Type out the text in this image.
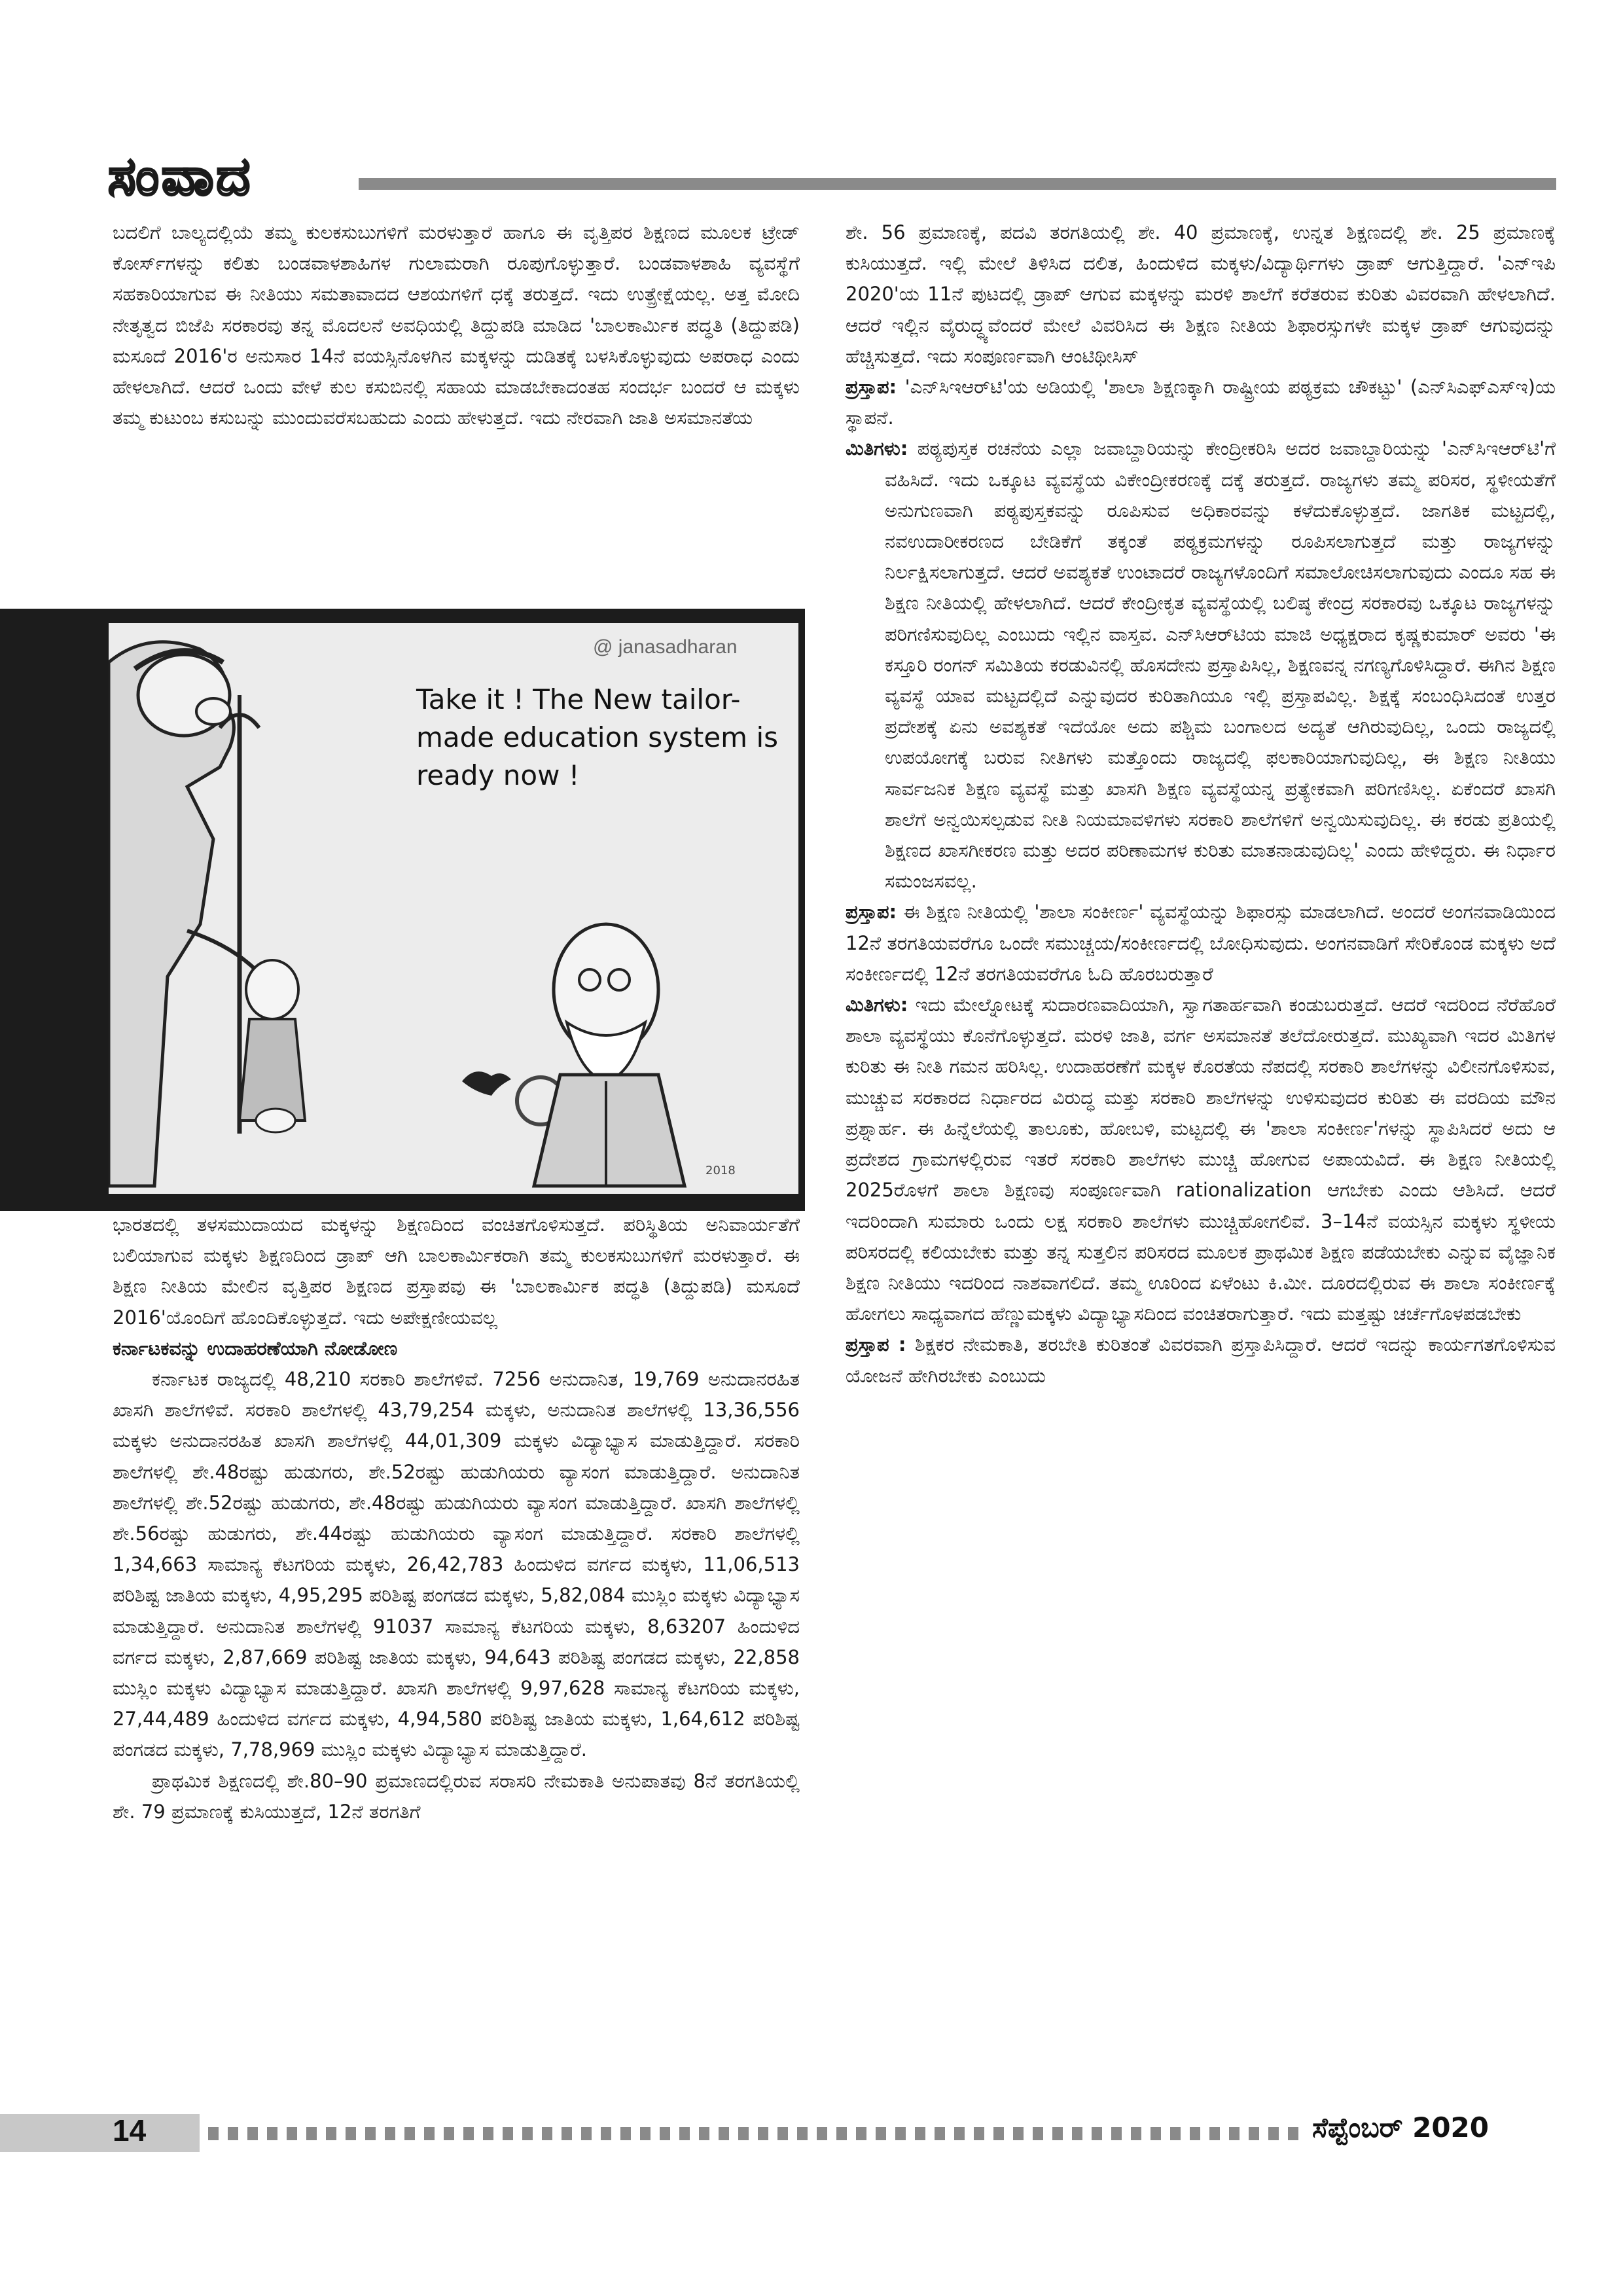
ಸಂವಾದ

ಬದಲಿಗೆ ಬಾಲ್ಯದಲ್ಲಿಯೆ ತಮ್ಮ ಕುಲಕಸುಬುಗಳಿಗೆ ಮರಳುತ್ತಾರೆ ಹಾಗೂ ಈ ವೃತ್ತಿಪರ ಶಿಕ್ಷಣದ ಮೂಲಕ ಟ್ರೇಡ್ ಕೋರ್ಸ್‌ಗಳನ್ನು ಕಲಿತು ಬಂಡವಾಳಶಾಹಿಗಳ ಗುಲಾಮರಾಗಿ ರೂಪುಗೊಳ್ಳುತ್ತಾರೆ. ಬಂಡವಾಳಶಾಹಿ ವ್ಯವಸ್ಥೆಗೆ ಸಹಕಾರಿಯಾಗುವ ಈ ನೀತಿಯು ಸಮತಾವಾದದ ಆಶಯಗಳಿಗೆ ಧಕ್ಕೆ ತರುತ್ತದೆ. ಇದು ಉತ್ಪ್ರೇಕ್ಷೆಯಲ್ಲ. ಅತ್ತ ಮೋದಿ ನೇತೃತ್ವದ ಬಿಜೆಪಿ ಸರಕಾರವು ತನ್ನ ಮೊದಲನೆ ಅವಧಿಯಲ್ಲಿ ತಿದ್ದುಪಡಿ ಮಾಡಿದ 'ಬಾಲಕಾರ್ಮಿಕ ಪದ್ಧತಿ (ತಿದ್ದುಪಡಿ) ಮಸೂದೆ 2016'ರ ಅನುಸಾರ 14ನೆ ವಯಸ್ಸಿನೊಳಗಿನ ಮಕ್ಕಳನ್ನು ದುಡಿತಕ್ಕೆ ಬಳಸಿಕೊಳ್ಳುವುದು ಅಪರಾಧ ಎಂದು ಹೇಳಲಾಗಿದೆ. ಆದರೆ ಒಂದು ವೇಳೆ ಕುಲ ಕಸುಬಿನಲ್ಲಿ ಸಹಾಯ ಮಾಡಬೇಕಾದಂತಹ ಸಂದರ್ಭ ಬಂದರೆ ಆ ಮಕ್ಕಳು ತಮ್ಮ ಕುಟುಂಬ ಕಸುಬನ್ನು ಮುಂದುವರೆಸಬಹುದು ಎಂದು ಹೇಳುತ್ತದೆ. ಇದು ನೇರವಾಗಿ ಜಾತಿ ಅಸಮಾನತೆಯ

@ janasadharan
Take it ! The New tailor-made education system is ready now !
2018

ಭಾರತದಲ್ಲಿ ತಳಸಮುದಾಯದ ಮಕ್ಕಳನ್ನು ಶಿಕ್ಷಣದಿಂದ ವಂಚಿತಗೊಳಿಸುತ್ತದೆ. ಪರಿಸ್ಥಿತಿಯ ಅನಿವಾರ್ಯತೆಗೆ ಬಲಿಯಾಗುವ ಮಕ್ಕಳು ಶಿಕ್ಷಣದಿಂದ ಡ್ರಾಪ್ ಆಗಿ ಬಾಲಕಾರ್ಮಿಕರಾಗಿ ತಮ್ಮ ಕುಲಕಸುಬುಗಳಿಗೆ ಮರಳುತ್ತಾರೆ. ಈ ಶಿಕ್ಷಣ ನೀತಿಯ ಮೇಲಿನ ವೃತ್ತಿಪರ ಶಿಕ್ಷಣದ ಪ್ರಸ್ತಾಪವು ಈ 'ಬಾಲಕಾರ್ಮಿಕ ಪದ್ಧತಿ (ತಿದ್ದುಪಡಿ) ಮಸೂದೆ 2016'ಯೊಂದಿಗೆ ಹೊಂದಿಕೊಳ್ಳುತ್ತದೆ. ಇದು ಅಪೇಕ್ಷಣೀಯವಲ್ಲ

ಕರ್ನಾಟಕವನ್ನು ಉದಾಹರಣೆಯಾಗಿ ನೋಡೋಣ

ಕರ್ನಾಟಕ ರಾಜ್ಯದಲ್ಲಿ 48,210 ಸರಕಾರಿ ಶಾಲೆಗಳಿವೆ. 7256 ಅನುದಾನಿತ, 19,769 ಅನುದಾನರಹಿತ ಖಾಸಗಿ ಶಾಲೆಗಳಿವೆ. ಸರಕಾರಿ ಶಾಲೆಗಳಲ್ಲಿ 43,79,254 ಮಕ್ಕಳು, ಅನುದಾನಿತ ಶಾಲೆಗಳಲ್ಲಿ 13,36,556 ಮಕ್ಕಳು ಅನುದಾನರಹಿತ ಖಾಸಗಿ ಶಾಲೆಗಳಲ್ಲಿ 44,01,309 ಮಕ್ಕಳು ವಿದ್ಯಾಭ್ಯಾಸ ಮಾಡುತ್ತಿದ್ದಾರೆ. ಸರಕಾರಿ ಶಾಲೆಗಳಲ್ಲಿ ಶೇ.48ರಷ್ಟು ಹುಡುಗರು, ಶೇ.52ರಷ್ಟು ಹುಡುಗಿಯರು ವ್ಯಾಸಂಗ ಮಾಡುತ್ತಿದ್ದಾರೆ. ಅನುದಾನಿತ ಶಾಲೆಗಳಲ್ಲಿ ಶೇ.52ರಷ್ಟು ಹುಡುಗರು, ಶೇ.48ರಷ್ಟು ಹುಡುಗಿಯರು ವ್ಯಾಸಂಗ ಮಾಡುತ್ತಿದ್ದಾರೆ. ಖಾಸಗಿ ಶಾಲೆಗಳಲ್ಲಿ ಶೇ.56ರಷ್ಟು ಹುಡುಗರು, ಶೇ.44ರಷ್ಟು ಹುಡುಗಿಯರು ವ್ಯಾಸಂಗ ಮಾಡುತ್ತಿದ್ದಾರೆ. ಸರಕಾರಿ ಶಾಲೆಗಳಲ್ಲಿ 1,34,663 ಸಾಮಾನ್ಯ ಕೆಟಗರಿಯ ಮಕ್ಕಳು, 26,42,783 ಹಿಂದುಳಿದ ವರ್ಗದ ಮಕ್ಕಳು, 11,06,513 ಪರಿಶಿಷ್ಟ ಜಾತಿಯ ಮಕ್ಕಳು, 4,95,295 ಪರಿಶಿಷ್ಟ ಪಂಗಡದ ಮಕ್ಕಳು, 5,82,084 ಮುಸ್ಲಿಂ ಮಕ್ಕಳು ವಿದ್ಯಾಭ್ಯಾಸ ಮಾಡುತ್ತಿದ್ದಾರೆ. ಅನುದಾನಿತ ಶಾಲೆಗಳಲ್ಲಿ 91037 ಸಾಮಾನ್ಯ ಕೆಟಗರಿಯ ಮಕ್ಕಳು, 8,63207 ಹಿಂದುಳಿದ ವರ್ಗದ ಮಕ್ಕಳು, 2,87,669 ಪರಿಶಿಷ್ಟ ಜಾತಿಯ ಮಕ್ಕಳು, 94,643 ಪರಿಶಿಷ್ಟ ಪಂಗಡದ ಮಕ್ಕಳು, 22,858 ಮುಸ್ಲಿಂ ಮಕ್ಕಳು ವಿದ್ಯಾಭ್ಯಾಸ ಮಾಡುತ್ತಿದ್ದಾರೆ. ಖಾಸಗಿ ಶಾಲೆಗಳಲ್ಲಿ 9,97,628 ಸಾಮಾನ್ಯ ಕೆಟಗರಿಯ ಮಕ್ಕಳು, 27,44,489 ಹಿಂದುಳಿದ ವರ್ಗದ ಮಕ್ಕಳು, 4,94,580 ಪರಿಶಿಷ್ಟ ಜಾತಿಯ ಮಕ್ಕಳು, 1,64,612 ಪರಿಶಿಷ್ಟ ಪಂಗಡದ ಮಕ್ಕಳು, 7,78,969 ಮುಸ್ಲಿಂ ಮಕ್ಕಳು ವಿದ್ಯಾಭ್ಯಾಸ ಮಾಡುತ್ತಿದ್ದಾರೆ.

ಪ್ರಾಥಮಿಕ ಶಿಕ್ಷಣದಲ್ಲಿ ಶೇ.80–90 ಪ್ರಮಾಣದಲ್ಲಿರುವ ಸರಾಸರಿ ನೇಮಕಾತಿ ಅನುಪಾತವು 8ನೆ ತರಗತಿಯಲ್ಲಿ ಶೇ. 79 ಪ್ರಮಾಣಕ್ಕೆ ಕುಸಿಯುತ್ತದೆ, 12ನೆ ತರಗತಿಗೆ

ಶೇ. 56 ಪ್ರಮಾಣಕ್ಕೆ, ಪದವಿ ತರಗತಿಯಲ್ಲಿ ಶೇ. 40 ಪ್ರಮಾಣಕ್ಕೆ, ಉನ್ನತ ಶಿಕ್ಷಣದಲ್ಲಿ ಶೇ. 25 ಪ್ರಮಾಣಕ್ಕೆ ಕುಸಿಯುತ್ತದೆ. ಇಲ್ಲಿ ಮೇಲೆ ತಿಳಿಸಿದ ದಲಿತ, ಹಿಂದುಳಿದ ಮಕ್ಕಳು/ವಿದ್ಯಾರ್ಥಿಗಳು ಡ್ರಾಪ್ ಆಗುತ್ತಿದ್ದಾರೆ. 'ಎನ್‌ಇಪಿ 2020'ಯ 11ನೆ ಪುಟದಲ್ಲಿ ಡ್ರಾಪ್ ಆಗುವ ಮಕ್ಕಳನ್ನು ಮರಳಿ ಶಾಲೆಗೆ ಕರೆತರುವ ಕುರಿತು ವಿವರವಾಗಿ ಹೇಳಲಾಗಿದೆ. ಆದರೆ ಇಲ್ಲಿನ ವೈರುದ್ಧ್ಯವೆಂದರೆ ಮೇಲೆ ವಿವರಿಸಿದ ಈ ಶಿಕ್ಷಣ ನೀತಿಯ ಶಿಫಾರಸ್ಸುಗಳೇ ಮಕ್ಕಳ ಡ್ರಾಪ್ ಆಗುವುದನ್ನು ಹೆಚ್ಚಿಸುತ್ತದೆ. ಇದು ಸಂಪೂರ್ಣವಾಗಿ ಆಂಟಿಥೀಸಿಸ್

ಪ್ರಸ್ತಾಪ: 'ಎನ್‌ಸಿಇಆರ್‌ಟಿ'ಯ ಅಡಿಯಲ್ಲಿ 'ಶಾಲಾ ಶಿಕ್ಷಣಕ್ಕಾಗಿ ರಾಷ್ಟ್ರೀಯ ಪಠ್ಯಕ್ರಮ ಚೌಕಟ್ಟು' (ಎನ್‌ಸಿಎಫ್‌ಎಸ್‌ಇ)ಯ ಸ್ಥಾಪನೆ.

ಮಿತಿಗಳು: ಪಠ್ಯಪುಸ್ತಕ ರಚನೆಯ ಎಲ್ಲಾ ಜವಾಬ್ದಾರಿಯನ್ನು ಕೇಂದ್ರೀಕರಿಸಿ ಅದರ ಜವಾಬ್ದಾರಿಯನ್ನು 'ಎನ್‌ಸಿಇಆರ್‌ಟಿ'ಗೆ ವಹಿಸಿದೆ. ಇದು ಒಕ್ಕೂಟ ವ್ಯವಸ್ಥೆಯ ವಿಕೇಂದ್ರೀಕರಣಕ್ಕೆ ದಕ್ಕೆ ತರುತ್ತದೆ. ರಾಜ್ಯಗಳು ತಮ್ಮ ಪರಿಸರ, ಸ್ಥಳೀಯತೆಗೆ ಅನುಗುಣವಾಗಿ ಪಠ್ಯಪುಸ್ತಕವನ್ನು ರೂಪಿಸುವ ಅಧಿಕಾರವನ್ನು ಕಳೆದುಕೊಳ್ಳುತ್ತದೆ. ಜಾಗತಿಕ ಮಟ್ಟದಲ್ಲಿ, ನವಉದಾರೀಕರಣದ ಬೇಡಿಕೆಗೆ ತಕ್ಕಂತೆ ಪಠ್ಯಕ್ರಮಗಳನ್ನು ರೂಪಿಸಲಾಗುತ್ತದೆ ಮತ್ತು ರಾಜ್ಯಗಳನ್ನು ನಿರ್ಲಕ್ಷಿಸಲಾಗುತ್ತದೆ. ಆದರೆ ಅವಶ್ಯಕತೆ ಉಂಟಾದರೆ ರಾಜ್ಯಗಳೊಂದಿಗೆ ಸಮಾಲೋಚಿಸಲಾಗುವುದು ಎಂದೂ ಸಹ ಈ ಶಿಕ್ಷಣ ನೀತಿಯಲ್ಲಿ ಹೇಳಲಾಗಿದೆ. ಆದರೆ ಕೇಂದ್ರೀಕೃತ ವ್ಯವಸ್ಥೆಯಲ್ಲಿ ಬಲಿಷ್ಠ ಕೇಂದ್ರ ಸರಕಾರವು ಒಕ್ಕೂಟ ರಾಜ್ಯಗಳನ್ನು ಪರಿಗಣಿಸುವುದಿಲ್ಲ ಎಂಬುದು ಇಲ್ಲಿನ ವಾಸ್ತವ. ಎನ್‌ಸಿಆರ್‌ಟಿಯ ಮಾಜಿ ಅಧ್ಯಕ್ಷರಾದ ಕೃಷ್ಣಕುಮಾರ್ ಅವರು 'ಈ ಕಸ್ತೂರಿ ರಂಗನ್ ಸಮಿತಿಯ ಕರಡುವಿನಲ್ಲಿ ಹೊಸದೇನು ಪ್ರಸ್ತಾಪಿಸಿಲ್ಲ, ಶಿಕ್ಷಣವನ್ನ ನಗಣ್ಯಗೊಳಿಸಿದ್ದಾರೆ. ಈಗಿನ ಶಿಕ್ಷಣ ವ್ಯವಸ್ಥೆ ಯಾವ ಮಟ್ಟದಲ್ಲಿದೆ ಎನ್ನುವುದರ ಕುರಿತಾಗಿಯೂ ಇಲ್ಲಿ ಪ್ರಸ್ತಾಪವಿಲ್ಲ. ಶಿಕ್ಷಕ್ಕೆ ಸಂಬಂಧಿಸಿದಂತೆ ಉತ್ತರ ಪ್ರದೇಶಕ್ಕೆ ಏನು ಅವಶ್ಯಕತೆ ಇದೆಯೋ ಅದು ಪಶ್ಚಿಮ ಬಂಗಾಲದ ಅದ್ಯತೆ ಆಗಿರುವುದಿಲ್ಲ, ಒಂದು ರಾಜ್ಯದಲ್ಲಿ ಉಪಯೋಗಕ್ಕೆ ಬರುವ ನೀತಿಗಳು ಮತ್ತೊಂದು ರಾಜ್ಯದಲ್ಲಿ ಫಲಕಾರಿಯಾಗುವುದಿಲ್ಲ, ಈ ಶಿಕ್ಷಣ ನೀತಿಯು ಸಾರ್ವಜನಿಕ ಶಿಕ್ಷಣ ವ್ಯವಸ್ಥೆ ಮತ್ತು ಖಾಸಗಿ ಶಿಕ್ಷಣ ವ್ಯವಸ್ಥೆಯನ್ನ ಪ್ರತ್ಯೇಕವಾಗಿ ಪರಿಗಣಿಸಿಲ್ಲ. ಏಕೆಂದರೆ ಖಾಸಗಿ ಶಾಲೆಗೆ ಅನ್ವಯಿಸಲ್ಪಡುವ ನೀತಿ ನಿಯಮಾವಳಿಗಳು ಸರಕಾರಿ ಶಾಲೆಗಳಿಗೆ ಅನ್ವಯಿಸುವುದಿಲ್ಲ. ಈ ಕರಡು ಪ್ರತಿಯಲ್ಲಿ ಶಿಕ್ಷಣದ ಖಾಸಗೀಕರಣ ಮತ್ತು ಅದರ ಪರಿಣಾಮಗಳ ಕುರಿತು ಮಾತನಾಡುವುದಿಲ್ಲ' ಎಂದು ಹೇಳಿದ್ದರು. ಈ ನಿರ್ಧಾರ ಸಮಂಜಸವಲ್ಲ.

ಪ್ರಸ್ತಾಪ: ಈ ಶಿಕ್ಷಣ ನೀತಿಯಲ್ಲಿ 'ಶಾಲಾ ಸಂಕೀರ್ಣ' ವ್ಯವಸ್ಥೆಯನ್ನು ಶಿಫಾರಸ್ಸು ಮಾಡಲಾಗಿದೆ. ಅಂದರೆ ಅಂಗನವಾಡಿಯಿಂದ 12ನೆ ತರಗತಿಯವರೆಗೂ ಒಂದೇ ಸಮುಚ್ಚಯ/ಸಂಕೀರ್ಣದಲ್ಲಿ ಬೋಧಿಸುವುದು. ಅಂಗನವಾಡಿಗೆ ಸೇರಿಕೊಂಡ ಮಕ್ಕಳು ಅದೆ ಸಂಕೀರ್ಣದಲ್ಲಿ 12ನೆ ತರಗತಿಯವರೆಗೂ ಓದಿ ಹೊರಬರುತ್ತಾರೆ

ಮಿತಿಗಳು: ಇದು ಮೇಲ್ನೋಟಕ್ಕೆ ಸುದಾರಣವಾದಿಯಾಗಿ, ಸ್ವಾಗತಾರ್ಹವಾಗಿ ಕಂಡುಬರುತ್ತದೆ. ಆದರೆ ಇದರಿಂದ ನೆರೆಹೊರೆ ಶಾಲಾ ವ್ಯವಸ್ಥೆಯು ಕೊನೆಗೊಳ್ಳುತ್ತದೆ. ಮರಳಿ ಜಾತಿ, ವರ್ಗ ಅಸಮಾನತೆ ತಲೆದೋರುತ್ತದೆ. ಮುಖ್ಯವಾಗಿ ಇದರ ಮಿತಿಗಳ ಕುರಿತು ಈ ನೀತಿ ಗಮನ ಹರಿಸಿಲ್ಲ. ಉದಾಹರಣೆಗೆ ಮಕ್ಕಳ ಕೊರತೆಯ ನೆಪದಲ್ಲಿ ಸರಕಾರಿ ಶಾಲೆಗಳನ್ನು ವಿಲೀನಗೊಳಿಸುವ, ಮುಚ್ಚುವ ಸರಕಾರದ ನಿರ್ಧಾರದ ವಿರುದ್ಧ ಮತ್ತು ಸರಕಾರಿ ಶಾಲೆಗಳನ್ನು ಉಳಿಸುವುದರ ಕುರಿತು ಈ ವರದಿಯ ಮೌನ ಪ್ರಶ್ನಾರ್ಹ. ಈ ಹಿನ್ನೆಲೆಯಲ್ಲಿ ತಾಲೂಕು, ಹೋಬಳಿ, ಮಟ್ಟದಲ್ಲಿ ಈ 'ಶಾಲಾ ಸಂಕೀರ್ಣ'ಗಳನ್ನು ಸ್ಥಾಪಿಸಿದರೆ ಅದು ಆ ಪ್ರದೇಶದ ಗ್ರಾಮಗಳಲ್ಲಿರುವ ಇತರೆ ಸರಕಾರಿ ಶಾಲೆಗಳು ಮುಚ್ಚಿ ಹೋಗುವ ಅಪಾಯವಿದೆ. ಈ ಶಿಕ್ಷಣ ನೀತಿಯಲ್ಲಿ 2025ರೊಳಗೆ ಶಾಲಾ ಶಿಕ್ಷಣವು ಸಂಪೂರ್ಣವಾಗಿ rationalization ಆಗಬೇಕು ಎಂದು ಆಶಿಸಿದೆ. ಆದರೆ ಇದರಿಂದಾಗಿ ಸುಮಾರು ಒಂದು ಲಕ್ಷ ಸರಕಾರಿ ಶಾಲೆಗಳು ಮುಚ್ಚಿಹೋಗಲಿವೆ. 3–14ನೆ ವಯಸ್ಸಿನ ಮಕ್ಕಳು ಸ್ಥಳೀಯ ಪರಿಸರದಲ್ಲಿ ಕಲಿಯಬೇಕು ಮತ್ತು ತನ್ನ ಸುತ್ತಲಿನ ಪರಿಸರದ ಮೂಲಕ ಪ್ರಾಥಮಿಕ ಶಿಕ್ಷಣ ಪಡೆಯಬೇಕು ಎನ್ನುವ ವೈಜ್ಞಾನಿಕ ಶಿಕ್ಷಣ ನೀತಿಯು ಇದರಿಂದ ನಾಶವಾಗಲಿದೆ. ತಮ್ಮ ಊರಿಂದ ಏಳೆಂಟು ಕಿ.ಮೀ. ದೂರದಲ್ಲಿರುವ ಈ ಶಾಲಾ ಸಂಕೀರ್ಣಕ್ಕೆ ಹೋಗಲು ಸಾಧ್ಯವಾಗದ ಹೆಣ್ಣುಮಕ್ಕಳು ವಿದ್ಯಾಭ್ಯಾಸದಿಂದ ವಂಚಿತರಾಗುತ್ತಾರೆ. ಇದು ಮತ್ತಷ್ಟು ಚರ್ಚೆಗೊಳಪಡಬೇಕು

ಪ್ರಸ್ತಾಪ : ಶಿಕ್ಷಕರ ನೇಮಕಾತಿ, ತರಬೇತಿ ಕುರಿತಂತೆ ವಿವರವಾಗಿ ಪ್ರಸ್ತಾಪಿಸಿದ್ದಾರೆ. ಆದರೆ ಇದನ್ನು ಕಾರ್ಯಗತಗೊಳಿಸುವ ಯೋಜನೆ ಹೇಗಿರಬೇಕು ಎಂಬುದು

14	ಸೆಪ್ಟೆಂಬರ್ 2020
